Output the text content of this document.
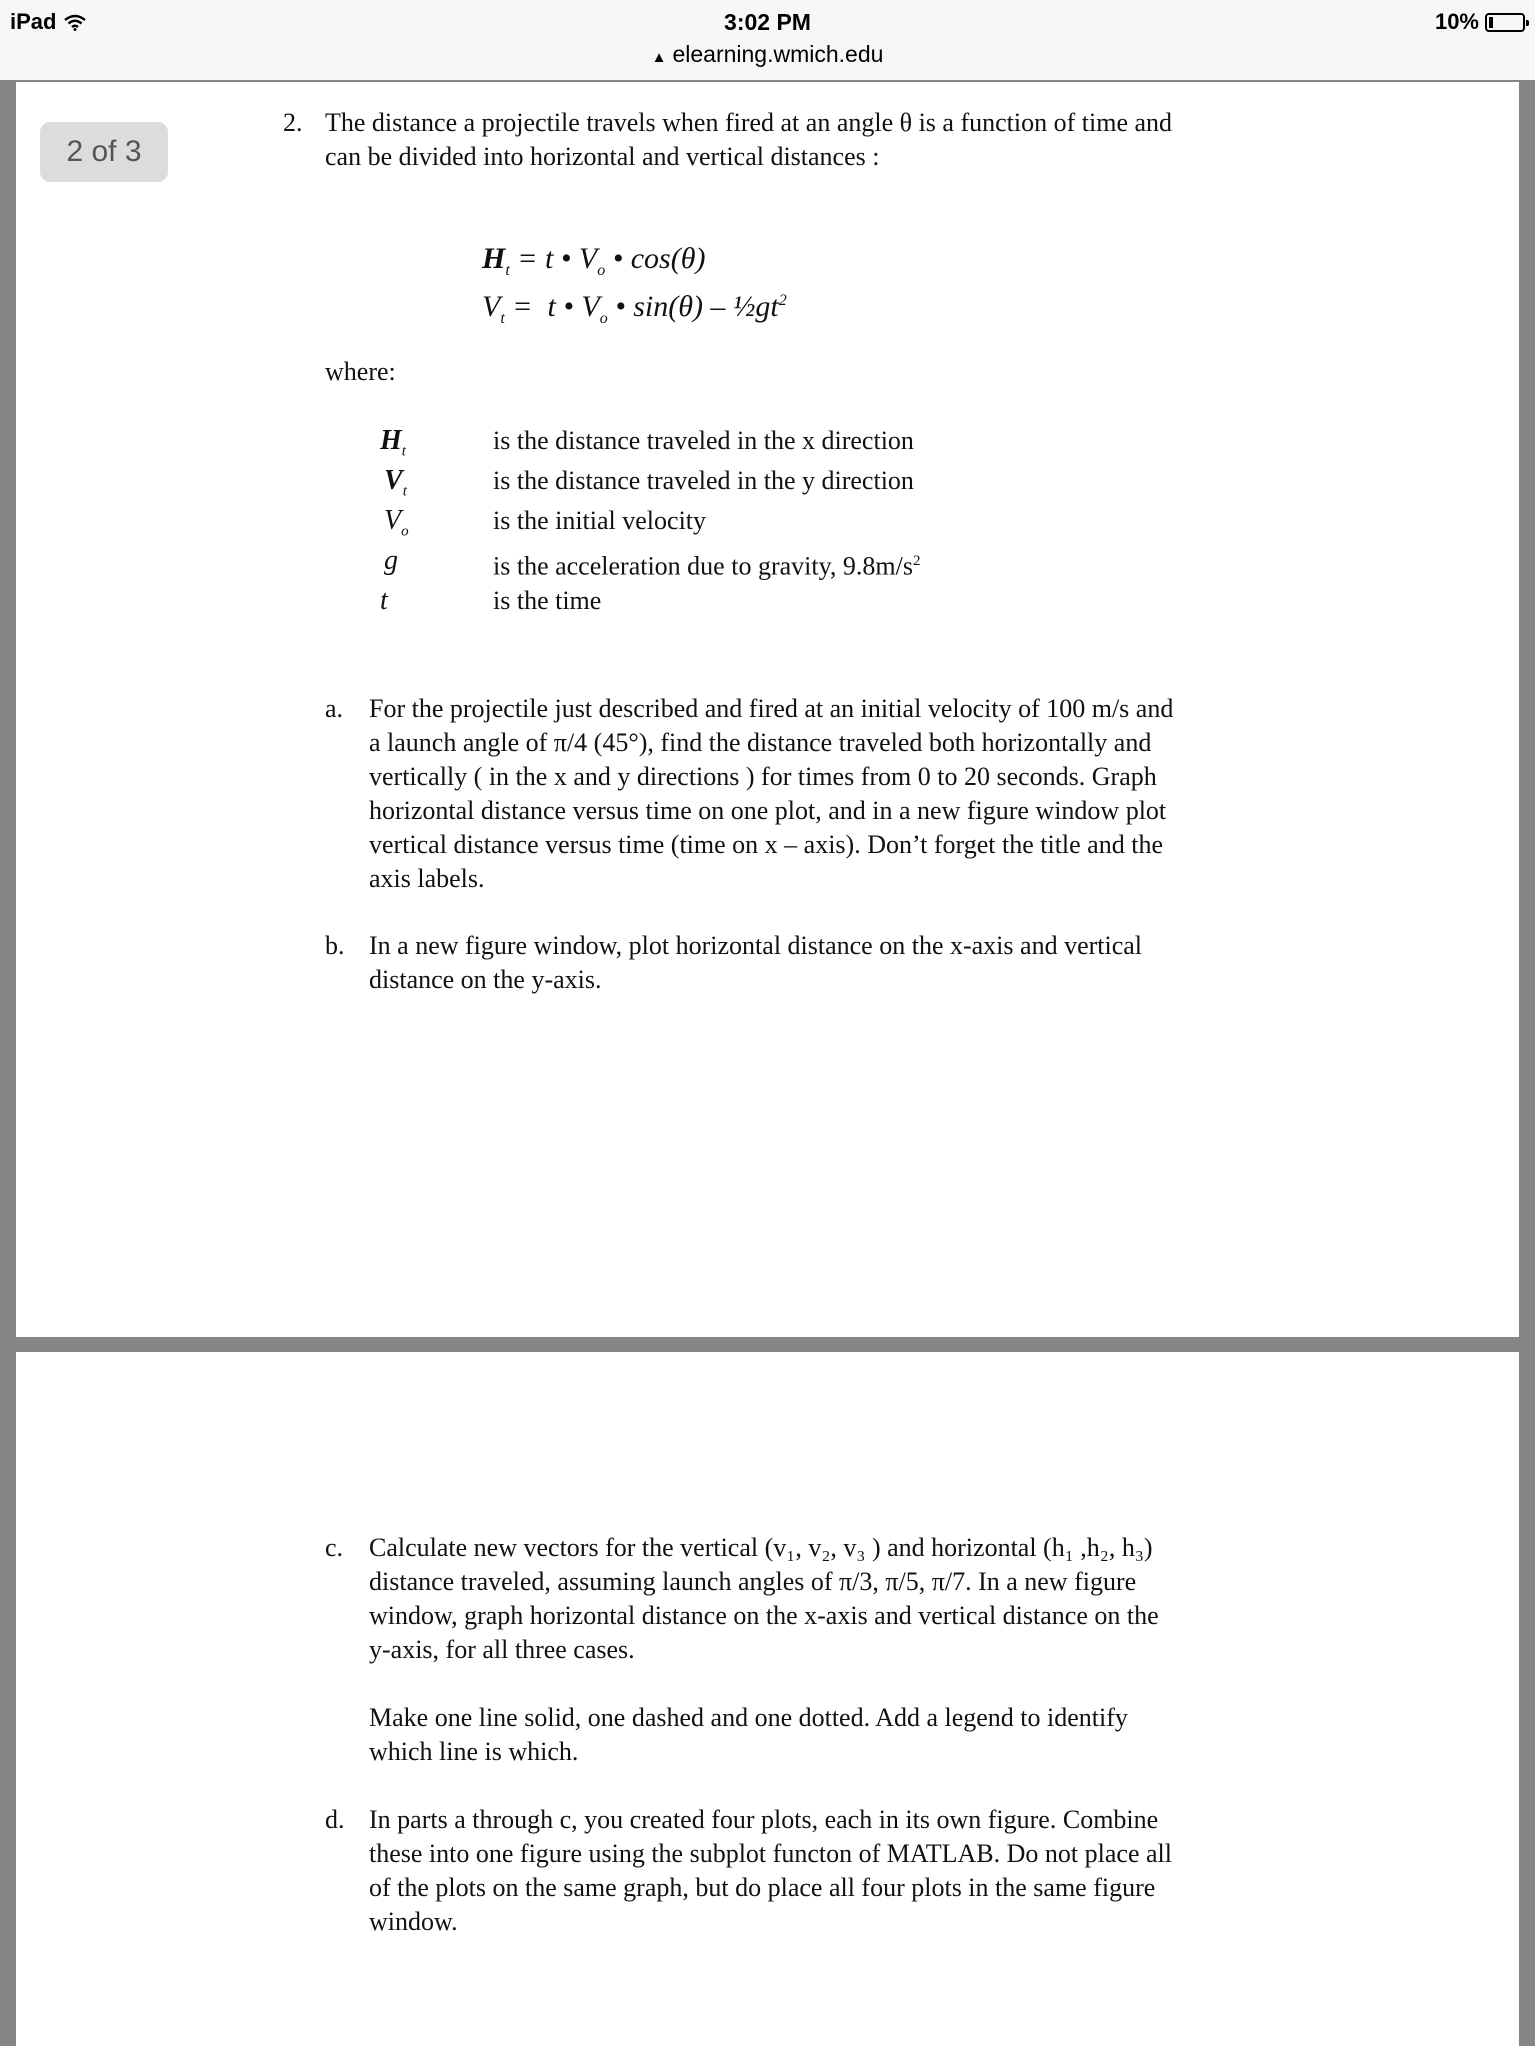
iPad	3:02 PM
▲ elearning.wmich.edu
10%
2 of 3
2. The distance a projectile travels when fired at an angle θ is a function of time and
can be divided into horizontal and vertical distances :
$H_t = t$ • $V_o$ • cos(θ)
$V_t = t$ • $V_o$ • $\sin(\theta) - \frac{1}{2}gt^2$
where:
$H_t$	is the distance traveled in the x direction
$V_t$	is the distance traveled in the y direction
$V_o$	is the initial velocity
g	is the acceleration due to gravity, $9.8m/s^2$
t	is the time
a. For the projectile just described and fired at an initial velocity of 100 m/s and
a launch angle of π/4 (45°), find the distance traveled both horizontally and
vertically ( in the x and y directions ) for times from 0 to 20 seconds. Graph
horizontal distance versus time on one plot, and in a new figure window plot
vertical distance versus time (time on x – axis). Don’t forget the title and the
axis labels.
b. In a new figure window, plot horizontal distance on the x-axis and vertical
distance on the y-axis.
c. Calculate new vectors for the vertical (v₁, v₂, v₃ ) and horizontal (h₁ ,h₂, h₃)
distance traveled, assuming launch angles of π/3, π/5, π/7. In a new figure
window, graph horizontal distance on the x-axis and vertical distance on the
y-axis, for all three cases.
Make one line solid, one dashed and one dotted. Add a legend to identify
which line is which.
d. In parts a through c, you created four plots, each in its own figure. Combine
these into one figure using the subplot functon of MATLAB. Do not place all
of the plots on the same graph, but do place all four plots in the same figure
window.
